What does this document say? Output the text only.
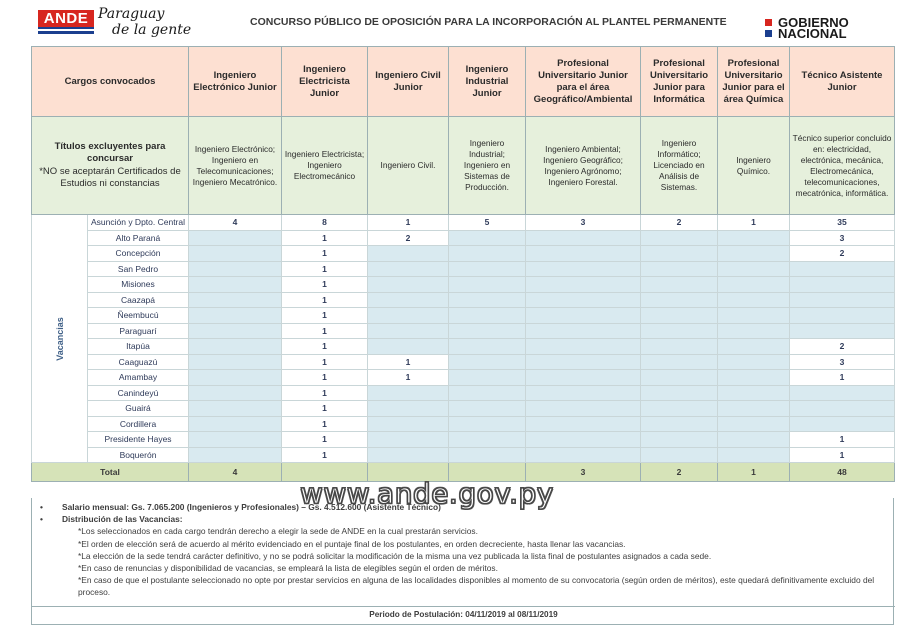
ANDE Paraguay
de la gente	CONCURSO PÚBLICO DE OPOSICIÓN PARA LA INCORPORACIÓN AL PLANTEL PERMANENTE	GOBIERNO
NACIONAL
Cargos convocados		Ingeniero Electrónico Junior	Ingeniero Electricista Junior	Ingeniero Civil Junior	Ingeniero Industrial Junior	Profesional Universitario Junior para el área Geográfico/Ambiental	Profesional Universitario Junior para Informática	Profesional Universitario Junior para el área Química	Técnico Asistente Junior
Títulos excluyentes para concursar
*NO se aceptarán Certificados de Estudios ni constancias		Ingeniero Electrónico; Ingeniero en Telecomunicaciones; Ingeniero Mecatrónico.	Ingeniero Electricista; Ingeniero Electromecánico	Ingeniero Civil.	Ingeniero Industrial; Ingeniero en Sistemas de Producción.	Ingeniero Ambiental; Ingeniero Geográfico; Ingeniero Agrónomo; Ingeniero Forestal.	Ingeniero Informático; Licenciado en Análisis de Sistemas.	Ingeniero Químico.	Técnico superior concluido en: electricidad, electrónica, mecánica, Electromecánica, telecomunicaciones, mecatrónica, informática.
Vacancias	Asunción y Dpto. Central	4	8	1	5	3	2	1	35
	Alto Paraná		1	2					3
	Concepción		1						2
	San Pedro		1						
	Misiones		1						
	Caazapá		1						
	Ñeembucú		1						
	Paraguarí		1						
	Itapúa		1						2
	Caaguazú		1	1					3
	Amambay		1	1					1
	Canindeyú		1						
	Guairá		1						
	Cordillera		1						
	Presidente Hayes		1						1
	Boquerón		1						1
Total		4				3	2	1	48
• Salario mensual: Gs. 7.065.200 (Ingenieros y Profesionales) – Gs. 4.512.600 (Asistente Técnico)
• Distribución de las Vacancias:
*Los seleccionados en cada cargo tendrán derecho a elegir la sede de ANDE en la cual prestarán servicios.
*El orden de elección será de acuerdo al mérito evidenciado en el puntaje final de los postulantes, en orden decreciente, hasta llenar las vacancias.
*La elección de la sede tendrá carácter definitivo, y no se podrá solicitar la modificación de la misma una vez publicada la lista final de postulantes asignados a cada sede.
*En caso de renuncias y disponibilidad de vacancias, se empleará la lista de elegibles según el orden de méritos.
*En caso de que el postulante seleccionado no opte por prestar servicios en alguna de las localidades disponibles al momento de su convocatoria (según orden de méritos), este quedará definitivamente excluido del proceso.
Periodo de Postulación: 04/11/2019 al 08/11/2019
www.ande.gov.py
